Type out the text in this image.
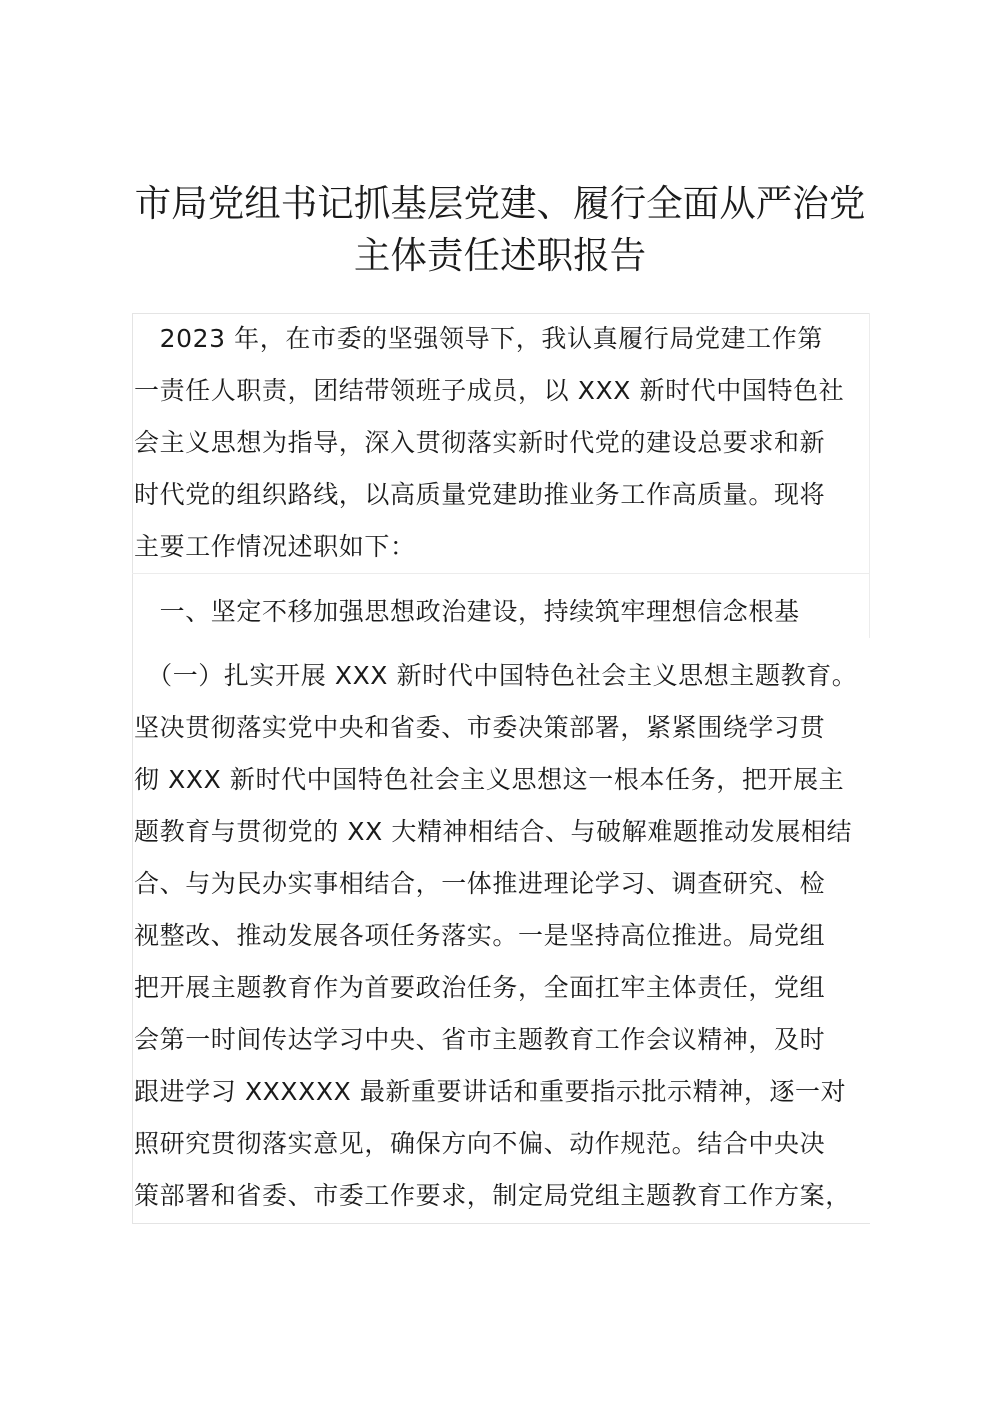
市局党组书记抓基层党建、履行全面从严治党
主体责任述职报告
　2023 年，在市委的坚强领导下，我认真履行局党建工作第
一责任人职责，团结带领班子成员，以 XXX 新时代中国特色社
会主义思想为指导，深入贯彻落实新时代党的建设总要求和新
时代党的组织路线，以高质量党建助推业务工作高质量。现将
主要工作情况述职如下：
　一、坚定不移加强思想政治建设，持续筑牢理想信念根基
　（一）扎实开展 XXX 新时代中国特色社会主义思想主题教育。
坚决贯彻落实党中央和省委、市委决策部署，紧紧围绕学习贯
彻 XXX 新时代中国特色社会主义思想这一根本任务，把开展主
题教育与贯彻党的 XX 大精神相结合、与破解难题推动发展相结
合、与为民办实事相结合，一体推进理论学习、调查研究、检
视整改、推动发展各项任务落实。一是坚持高位推进。局党组
把开展主题教育作为首要政治任务，全面扛牢主体责任，党组
会第一时间传达学习中央、省市主题教育工作会议精神，及时
跟进学习 XXXXXX 最新重要讲话和重要指示批示精神，逐一对
照研究贯彻落实意见，确保方向不偏、动作规范。结合中央决
策部署和省委、市委工作要求，制定局党组主题教育工作方案，
